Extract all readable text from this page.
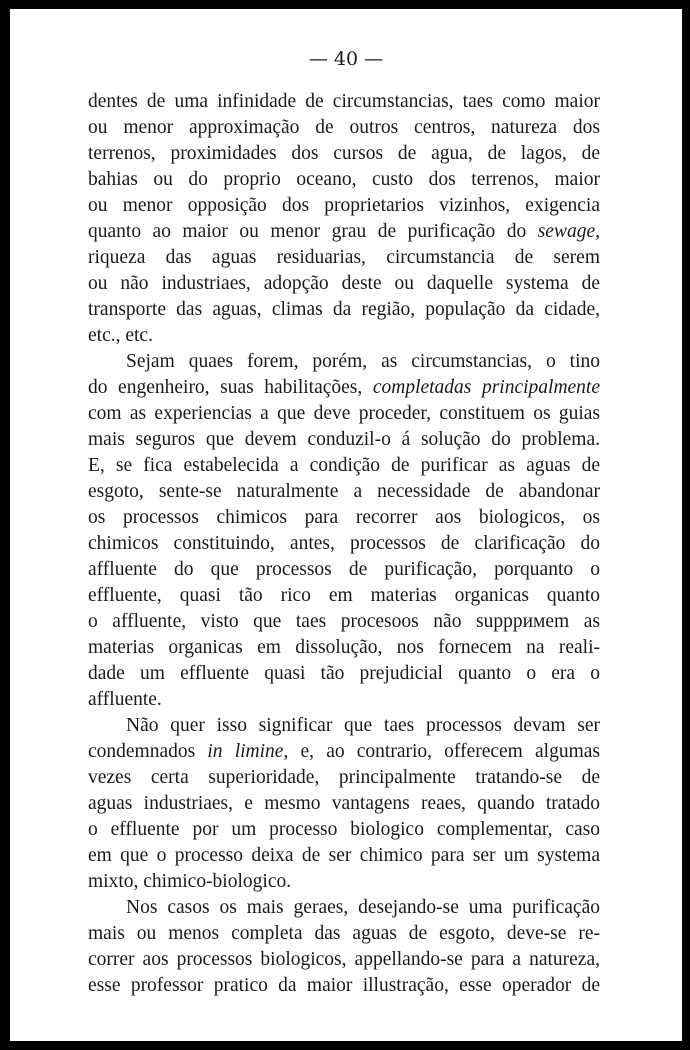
— 40 —
dentes de uma infinidade de circumstancias, taes como maior
ou menor approximação de outros centros, natureza dos
terrenos, proximidades dos cursos de agua, de lagos, de
bahias ou do proprio oceano, custo dos terrenos, maior
ou menor opposição dos proprietarios vizinhos, exigencia
quanto ao maior ou menor grau de purificação do sewage,
riqueza das aguas residuarias, circumstancia de serem
ou não industriaes, adopção deste ou daquelle systema de
transporte das aguas, climas da região, população da cidade,
etc., etc.
Sejam quaes forem, porém, as circumstancias, o tino
do engenheiro, suas habilitações, completadas principalmente
com as experiencias a que deve proceder, constituem os guias
mais seguros que devem conduzil-o á solução do problema.
E, se fica estabelecida a condição de purificar as aguas de
esgoto, sente-se naturalmente a necessidade de abandonar
os processos chimicos para recorrer aos biologicos, os
chimicos constituindo, antes, processos de clarificação do
affluente do que processos de purificação, porquanto o
effluente, quasi tão rico em materias organicas quanto
o affluente, visto que taes procesoos não suppримem as
materias organicas em dissolução, nos fornecem na reali-
dade um effluente quasi tão prejudicial quanto o era o
affluente.
Não quer isso significar que taes processos devam ser
condemnados in limine, e, ao contrario, offerecem algumas
vezes certa superioridade, principalmente tratando-se de
aguas industriaes, e mesmo vantagens reaes, quando tratado
o effluente por um processo biologico complementar, caso
em que o processo deixa de ser chimico para ser um systema
mixto, chimico-biologico.
Nos casos os mais geraes, desejando-se uma purificação
mais ou menos completa das aguas de esgoto, deve-se re-
correr aos processos biologicos, appellando-se para a natureza,
esse professor pratico da maior illustração, esse operador de
